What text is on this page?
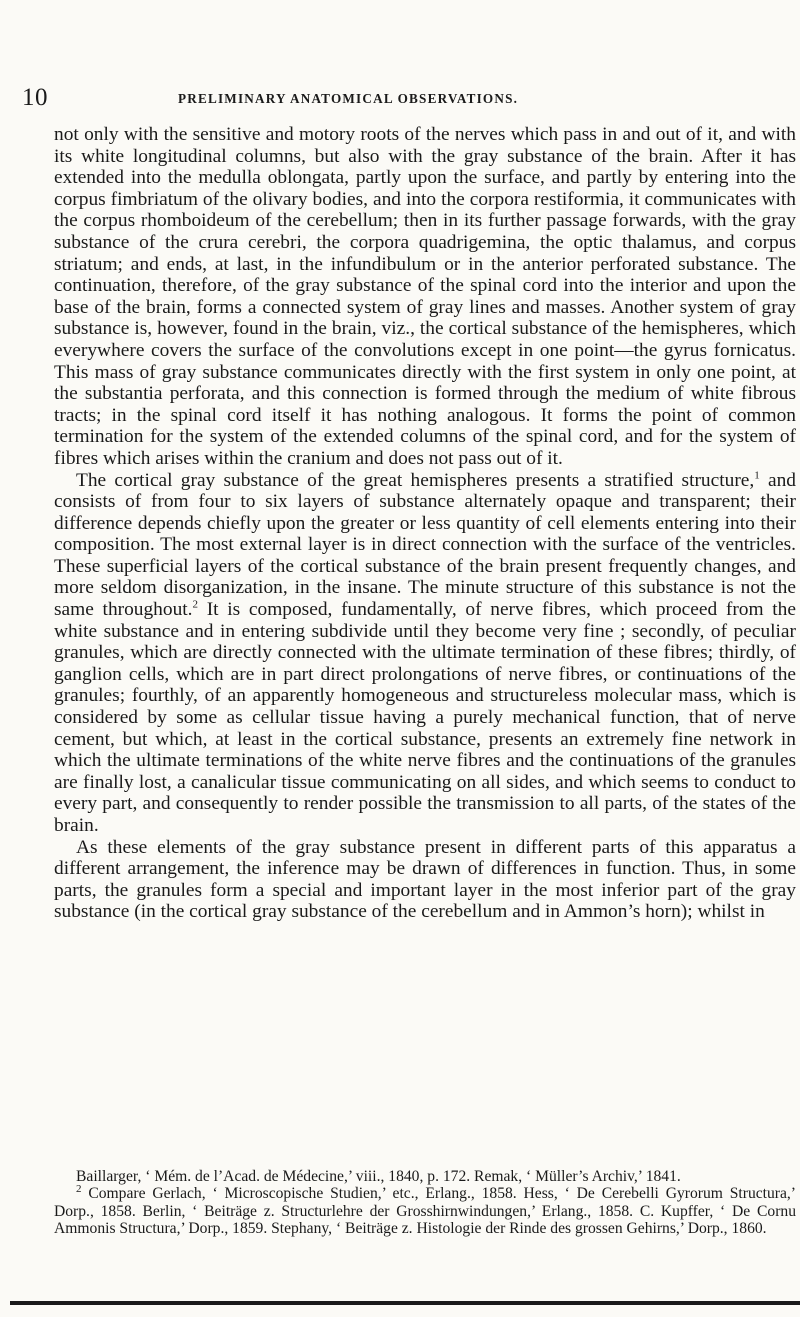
10	PRELIMINARY ANATOMICAL OBSERVATIONS.

not only with the sensitive and motory roots of the nerves which pass in and out of it, and with its white longitudinal columns, but also with the gray substance of the brain. After it has extended into the medulla oblongata, partly upon the surface, and partly by entering into the corpus fimbriatum of the olivary bodies, and into the corpora restiformia, it communicates with the corpus rhomboideum of the cerebellum; then in its further passage forwards, with the gray substance of the crura cerebri, the corpora quadrigemina, the optic thalamus, and corpus striatum; and ends, at last, in the infundibulum or in the anterior perforated substance. The continuation, therefore, of the gray substance of the spinal cord into the interior and upon the base of the brain, forms a connected system of gray lines and masses. Another system of gray substance is, however, found in the brain, viz., the cortical substance of the hemispheres, which everywhere covers the surface of the convolutions except in one point—the gyrus fornicatus. This mass of gray substance communicates directly with the first system in only one point, at the substantia perforata, and this connection is formed through the medium of white fibrous tracts; in the spinal cord itself it has nothing analogous. It forms the point of common termination for the system of the extended columns of the spinal cord, and for the system of fibres which arises within the cranium and does not pass out of it.

The cortical gray substance of the great hemispheres presents a stratified structure,$^1$ and consists of from four to six layers of substance alternately opaque and transparent; their difference depends chiefly upon the greater or less quantity of cell elements entering into their composition. The most external layer is in direct connection with the surface of the ventricles. These superficial layers of the cortical substance of the brain present frequently changes, and more seldom disorganization, in the insane. The minute structure of this substance is not the same throughout.$^2$ It is composed, fundamentally, of nerve fibres, which proceed from the white substance and in entering subdivide until they become very fine ; secondly, of peculiar granules, which are directly connected with the ultimate termination of these fibres; thirdly, of ganglion cells, which are in part direct prolongations of nerve fibres, or continuations of the granules; fourthly, of an apparently homogeneous and structureless molecular mass, which is considered by some as cellular tissue having a purely mechanical function, that of nerve cement, but which, at least in the cortical substance, presents an extremely fine network in which the ultimate terminations of the white nerve fibres and the continuations of the granules are finally lost, a canalicular tissue communicating on all sides, and which seems to conduct to every part, and consequently to render possible the transmission to all parts, of the states of the brain.

As these elements of the gray substance present in different parts of this apparatus a different arrangement, the inference may be drawn of differences in function. Thus, in some parts, the granules form a special and important layer in the most inferior part of the gray substance (in the cortical gray substance of the cerebellum and in Ammon’s horn); whilst in

Baillarger, ‘ Mém. de l’Acad. de Médecine,’ viii., 1840, p. 172. Remak, ‘ Müller’s Archiv,’ 1841.

$^2$ Compare Gerlach, ‘ Microscopische Studien,’ etc., Erlang., 1858. Hess, ‘ De Cerebelli Gyrorum Structura,’ Dorp., 1858. Berlin, ‘ Beiträge z. Structurlehre der Grosshirnwindungen,’ Erlang., 1858. C. Kupffer, ‘ De Cornu Ammonis Structura,’ Dorp., 1859. Stephany, ‘ Beiträge z. Histologie der Rinde des grossen Gehirns,’ Dorp., 1860.
